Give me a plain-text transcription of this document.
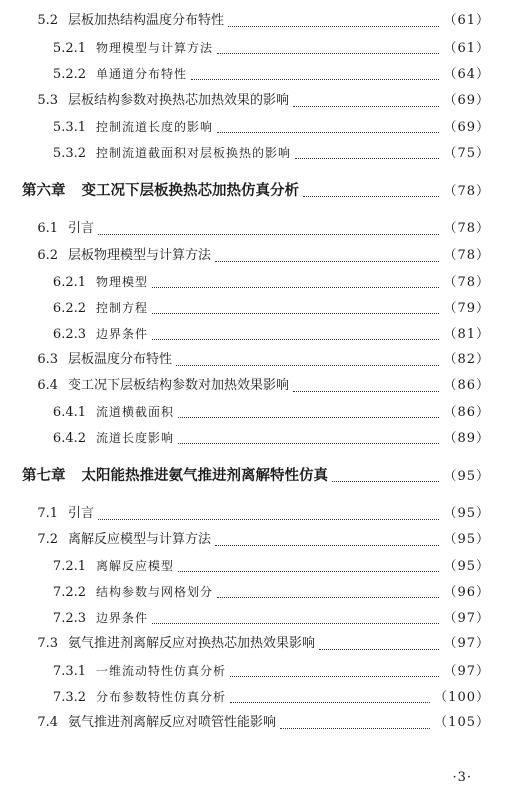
5.2 层板加热结构温度分布特性	（61）
5.2.1 物理模型与计算方法	（61）
5.2.2 单通道分布特性	（64）
5.3 层板结构参数对换热芯加热效果的影响	（69）
5.3.1 控制流道长度的影响	（69）
5.3.2 控制流道截面积对层板换热的影响	（75）
第六章 变工况下层板换热芯加热仿真分析	（78）
6.1 引言	（78）
6.2 层板物理模型与计算方法	（78）
6.2.1 物理模型	（78）
6.2.2 控制方程	（79）
6.2.3 边界条件	（81）
6.3 层板温度分布特性	（82）
6.4 变工况下层板结构参数对加热效果影响	（86）
6.4.1 流道横截面积	（86）
6.4.2 流道长度影响	（89）
第七章 太阳能热推进氨气推进剂离解特性仿真	（95）
7.1 引言	（95）
7.2 离解反应模型与计算方法	（95）
7.2.1 离解反应模型	（95）
7.2.2 结构参数与网格划分	（96）
7.2.3 边界条件	（97）
7.3 氨气推进剂离解反应对换热芯加热效果影响	（97）
7.3.1 一维流动特性仿真分析	（97）
7.3.2 分布参数特性仿真分析	（100）
7.4 氨气推进剂离解反应对喷管性能影响	（105）
·3·
